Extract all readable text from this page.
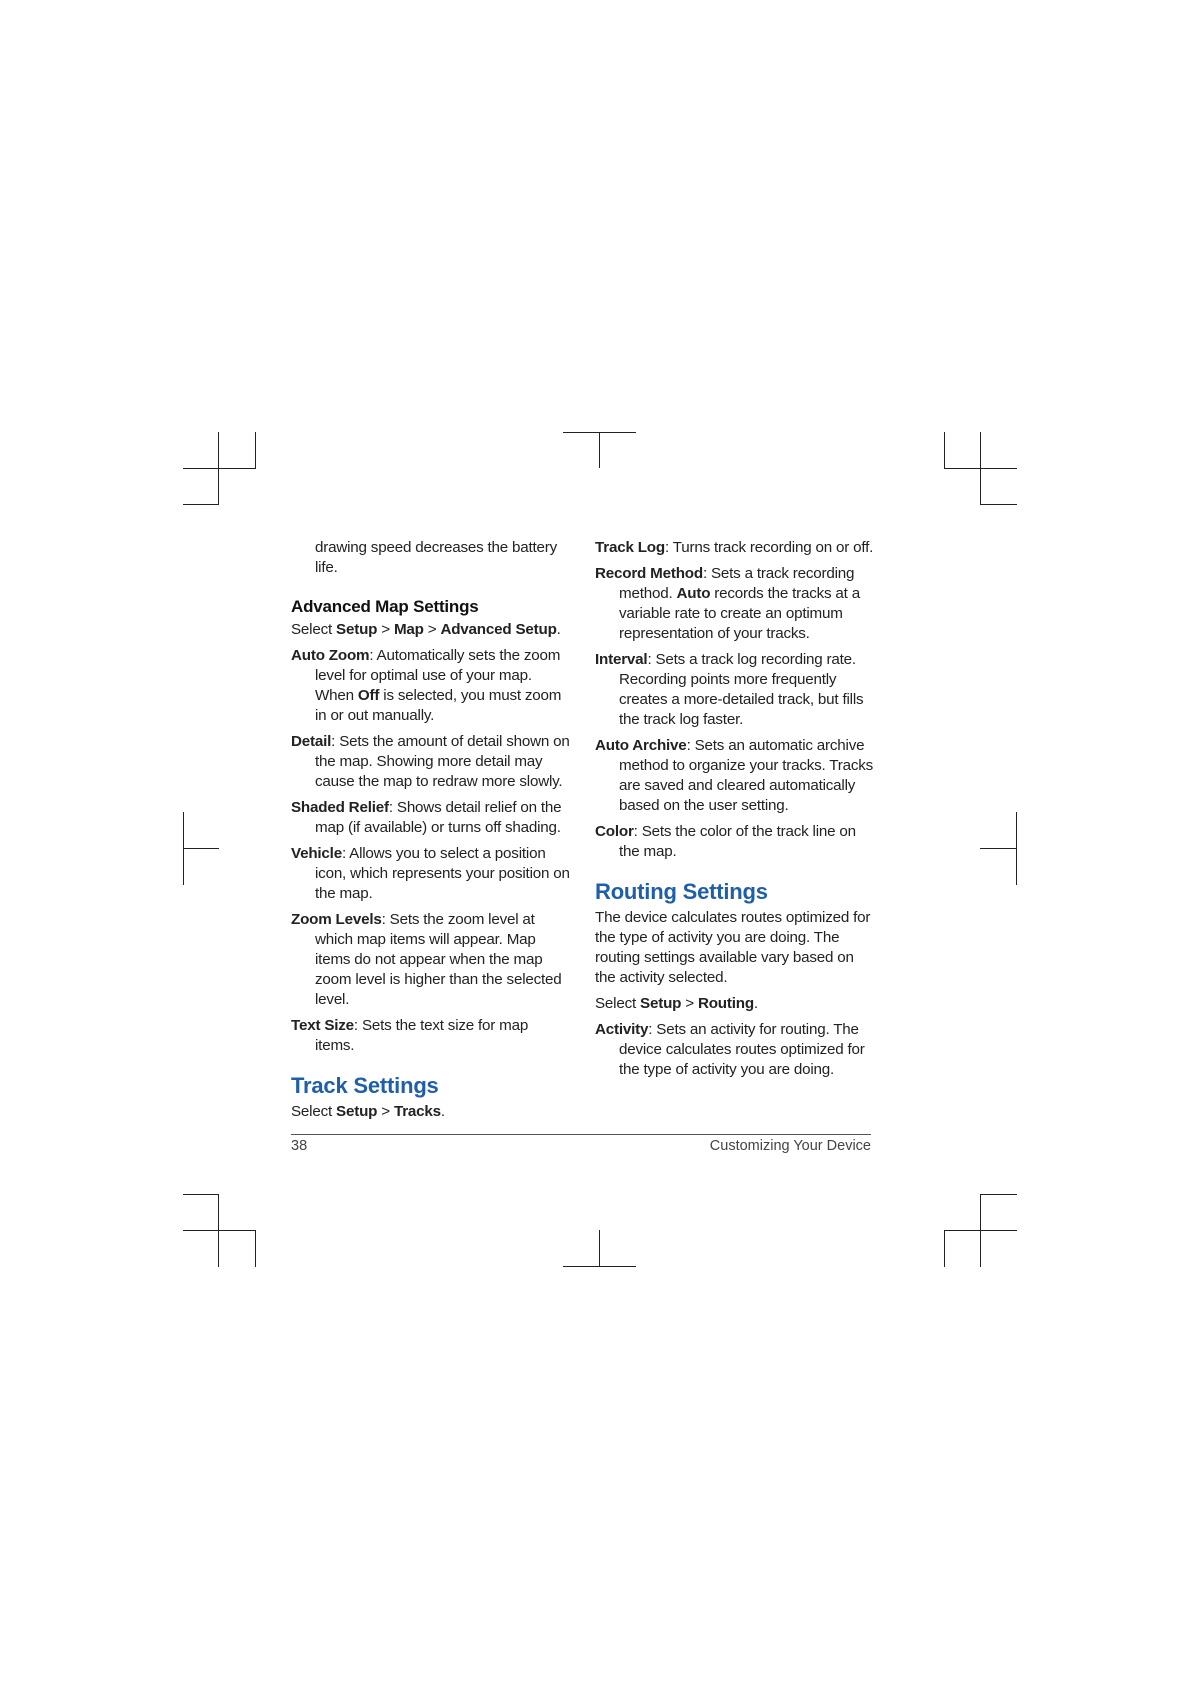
drawing speed decreases the battery life.

Advanced Map Settings

Select Setup > Map > Advanced Setup.

Auto Zoom: Automatically sets the zoom level for optimal use of your map. When Off is selected, you must zoom in or out manually.

Detail: Sets the amount of detail shown on the map. Showing more detail may cause the map to redraw more slowly.

Shaded Relief: Shows detail relief on the map (if available) or turns off shading.

Vehicle: Allows you to select a position icon, which represents your position on the map.

Zoom Levels: Sets the zoom level at which map items will appear. Map items do not appear when the map zoom level is higher than the selected level.

Text Size: Sets the text size for map items.

Track Settings

Select Setup > Tracks.

Track Log: Turns track recording on or off.

Record Method: Sets a track recording method. Auto records the tracks at a variable rate to create an optimum representation of your tracks.

Interval: Sets a track log recording rate. Recording points more frequently creates a more-detailed track, but fills the track log faster.

Auto Archive: Sets an automatic archive method to organize your tracks. Tracks are saved and cleared automatically based on the user setting.

Color: Sets the color of the track line on the map.

Routing Settings

The device calculates routes optimized for the type of activity you are doing. The routing settings available vary based on the activity selected.

Select Setup > Routing.

Activity: Sets an activity for routing. The device calculates routes optimized for the type of activity you are doing.

38	Customizing Your Device
